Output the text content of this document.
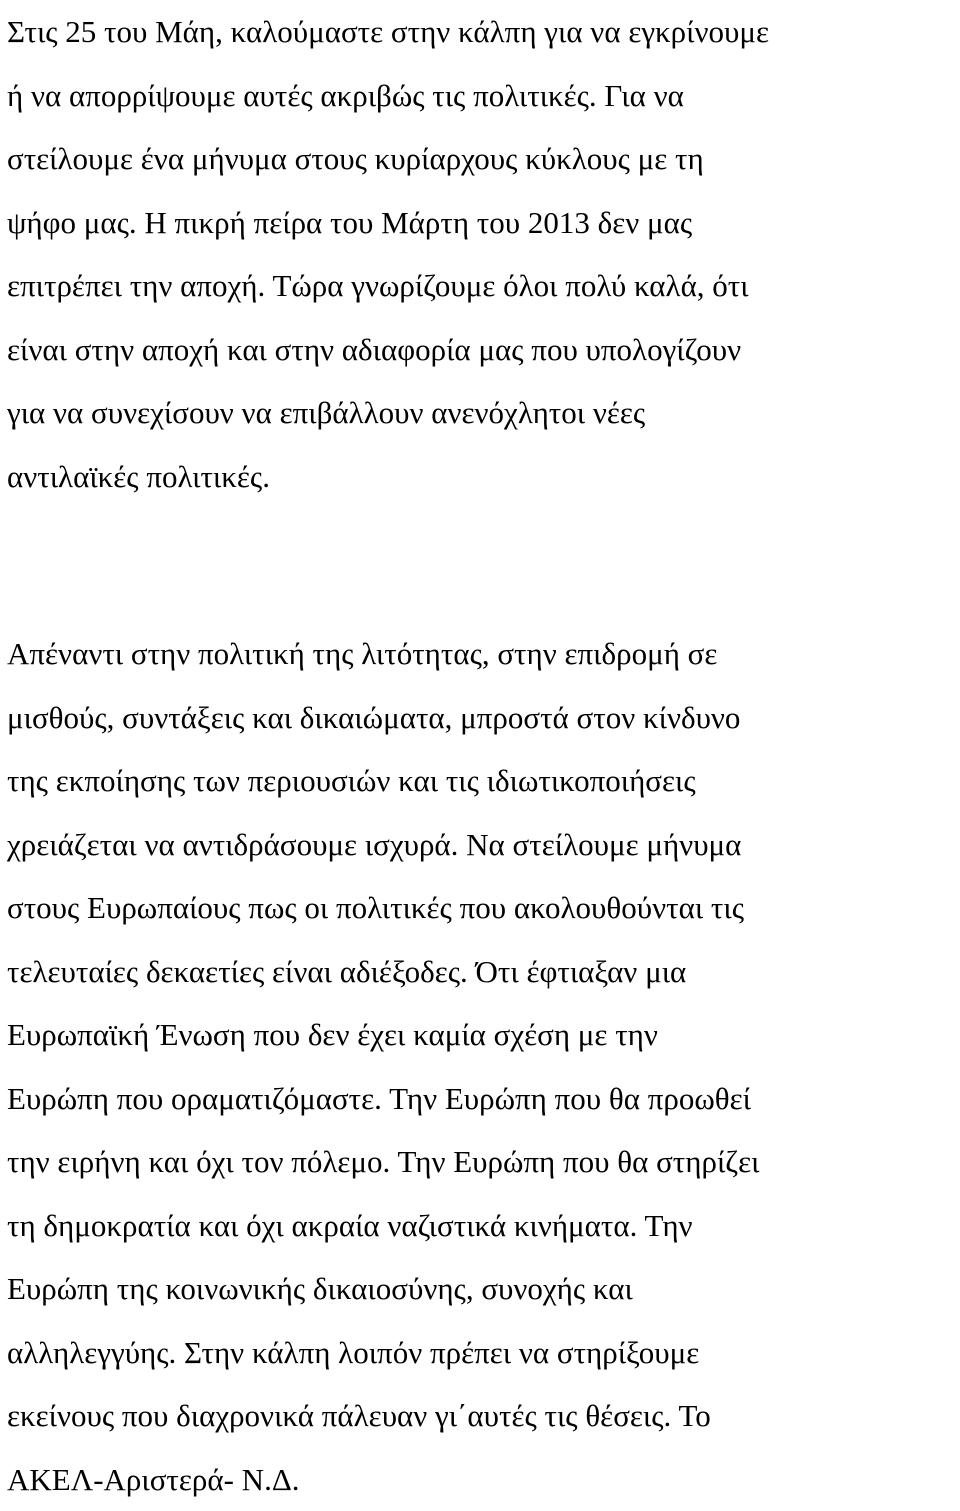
Στις 25 του Μάη, καλούμαστε στην κάλπη για να εγκρίνουμε
ή να απορρίψουμε αυτές ακριβώς τις πολιτικές. Για να
στείλουμε ένα μήνυμα στους κυρίαρχους κύκλους με τη
ψήφο μας. Η πικρή πείρα του Μάρτη του 2013 δεν μας
επιτρέπει την αποχή. Τώρα γνωρίζουμε όλοι πολύ καλά, ότι
είναι στην αποχή και στην αδιαφορία μας που υπολογίζουν
για να συνεχίσουν να επιβάλλουν ανενόχλητοι νέες
αντιλαϊκές πολιτικές.
Απέναντι στην πολιτική της λιτότητας, στην επιδρομή σε
μισθούς, συντάξεις και δικαιώματα, μπροστά στον κίνδυνο
της εκποίησης των περιουσιών και τις ιδιωτικοποιήσεις
χρειάζεται να αντιδράσουμε ισχυρά. Να στείλουμε μήνυμα
στους Ευρωπαίους πως οι πολιτικές που ακολουθούνται τις
τελευταίες δεκαετίες είναι αδιέξοδες. Ότι έφτιαξαν μια
Ευρωπαϊκή Ένωση που δεν έχει καμία σχέση με την
Ευρώπη που οραματιζόμαστε. Την Ευρώπη που θα προωθεί
την ειρήνη και όχι τον πόλεμο. Την Ευρώπη που θα στηρίζει
τη δημοκρατία και όχι ακραία ναζιστικά κινήματα. Την
Ευρώπη της κοινωνικής δικαιοσύνης, συνοχής και
αλληλεγγύης. Στην κάλπη λοιπόν πρέπει να στηρίξουμε
εκείνους που διαχρονικά πάλευαν γι΄αυτές τις θέσεις. Το
ΑΚΕΛ-Αριστερά- Ν.Δ.
